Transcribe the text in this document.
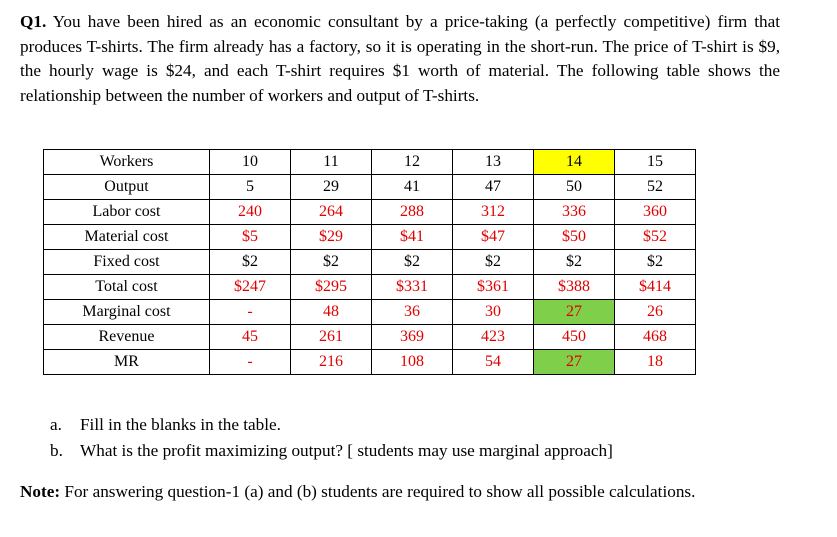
Q1. You have been hired as an economic consultant by a price-taking (a perfectly competitive) firm that produces T-shirts. The firm already has a factory, so it is operating in the short-run. The price of T-shirt is $9, the hourly wage is $24, and each T-shirt requires $1 worth of material. The following table shows the relationship between the number of workers and output of T-shirts.

Workers	10	11	12	13	14	15
Output	5	29	41	47	50	52
Labor cost	240	264	288	312	336	360
Material cost	$5	$29	$41	$47	$50	$52
Fixed cost	$2	$2	$2	$2	$2	$2
Total cost	$247	$295	$331	$361	$388	$414
Marginal cost	-	48	36	30	27	26
Revenue	45	261	369	423	450	468
MR	-	216	108	54	27	18
a. Fill in the blanks in the table.
b. What is the profit maximizing output? [ students may use marginal approach]

Note: For answering question-1 (a) and (b) students are required to show all possible calculations.
